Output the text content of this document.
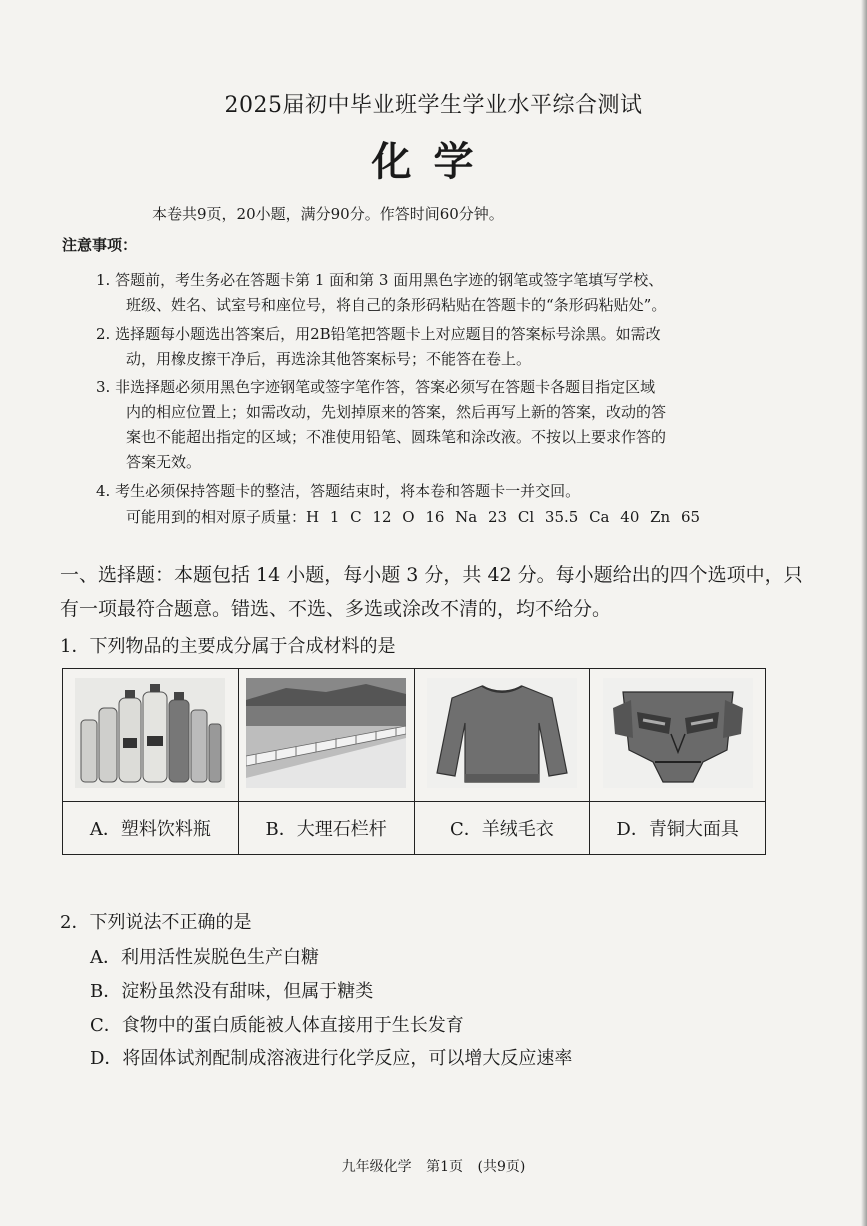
2025届初中毕业班学生学业水平综合测试
化学
本卷共9页，20小题，满分90分。作答时间60分钟。
注意事项：
1. 答题前，考生务必在答题卡第 1 面和第 3 面用黑色字迹的钢笔或签字笔填写学校、
班级、姓名、试室号和座位号，将自己的条形码粘贴在答题卡的“条形码粘贴处”。
2. 选择题每小题选出答案后，用2B铅笔把答题卡上对应题目的答案标号涂黑。如需改
动，用橡皮擦干净后，再选涂其他答案标号；不能答在卷上。
3. 非选择题必须用黑色字迹钢笔或签字笔作答，答案必须写在答题卡各题目指定区域
内的相应位置上；如需改动，先划掉原来的答案，然后再写上新的答案，改动的答
案也不能超出指定的区域；不准使用铅笔、圆珠笔和涂改液。不按以上要求作答的
答案无效。
4. 考生必须保持答题卡的整洁，答题结束时，将本卷和答题卡一并交回。
可能用到的相对原子质量：H 1 C 12 O 16 Na 23 Cl 35.5 Ca 40 Zn 65
一、选择题：本题包括 14 小题，每小题 3 分，共 42 分。每小题给出的四个选项中，只有一项最符合题意。错选、不选、多选或涂改不清的，均不给分。
1．下列物品的主要成分属于合成材料的是

A．塑料饮料瓶	B．大理石栏杆	C．羊绒毛衣	D．青铜大面具
2．下列说法不正确的是
A．利用活性炭脱色生产白糖
B．淀粉虽然没有甜味，但属于糖类
C．食物中的蛋白质能被人体直接用于生长发育
D．将固体试剂配制成溶液进行化学反应，可以增大反应速率
九年级化学 第1页 (共9页)
